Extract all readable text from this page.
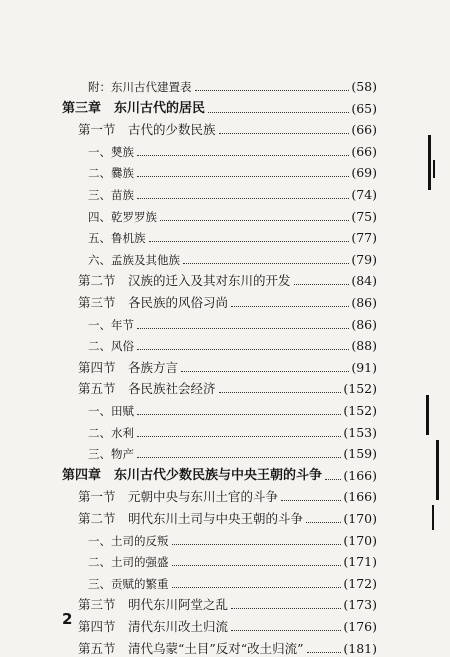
附：东川古代建置表	(58)
第三章　东川古代的居民	(65)
第一节　古代的少数民族	(66)
一、僰族	(66)
二、爨族	(69)
三、苗族	(74)
四、乾罗罗族	(75)
五、鲁机族	(77)
六、孟族及其他族	(79)
第二节　汉族的迁入及其对东川的开发	(84)
第三节　各民族的风俗习尚	(86)
一、年节	(86)
二、风俗	(88)
第四节　各族方言	(91)
第五节　各民族社会经济	(152)
一、田赋	(152)
二、水利	(153)
三、物产	(159)
第四章　东川古代少数民族与中央王朝的斗争 (166)
第一节　元朝中央与东川土官的斗争	(166)
第二节　明代东川土司与中央王朝的斗争	(170)
一、土司的反叛	(170)
二、土司的强盛	(171)
三、贡赋的繁重	(172)
第三节　明代东川阿堂之乱	(173)
第四节　清代东川改土归流	(176)
第五节　清代乌蒙“土目”反对“改土归流”	(181)
2
